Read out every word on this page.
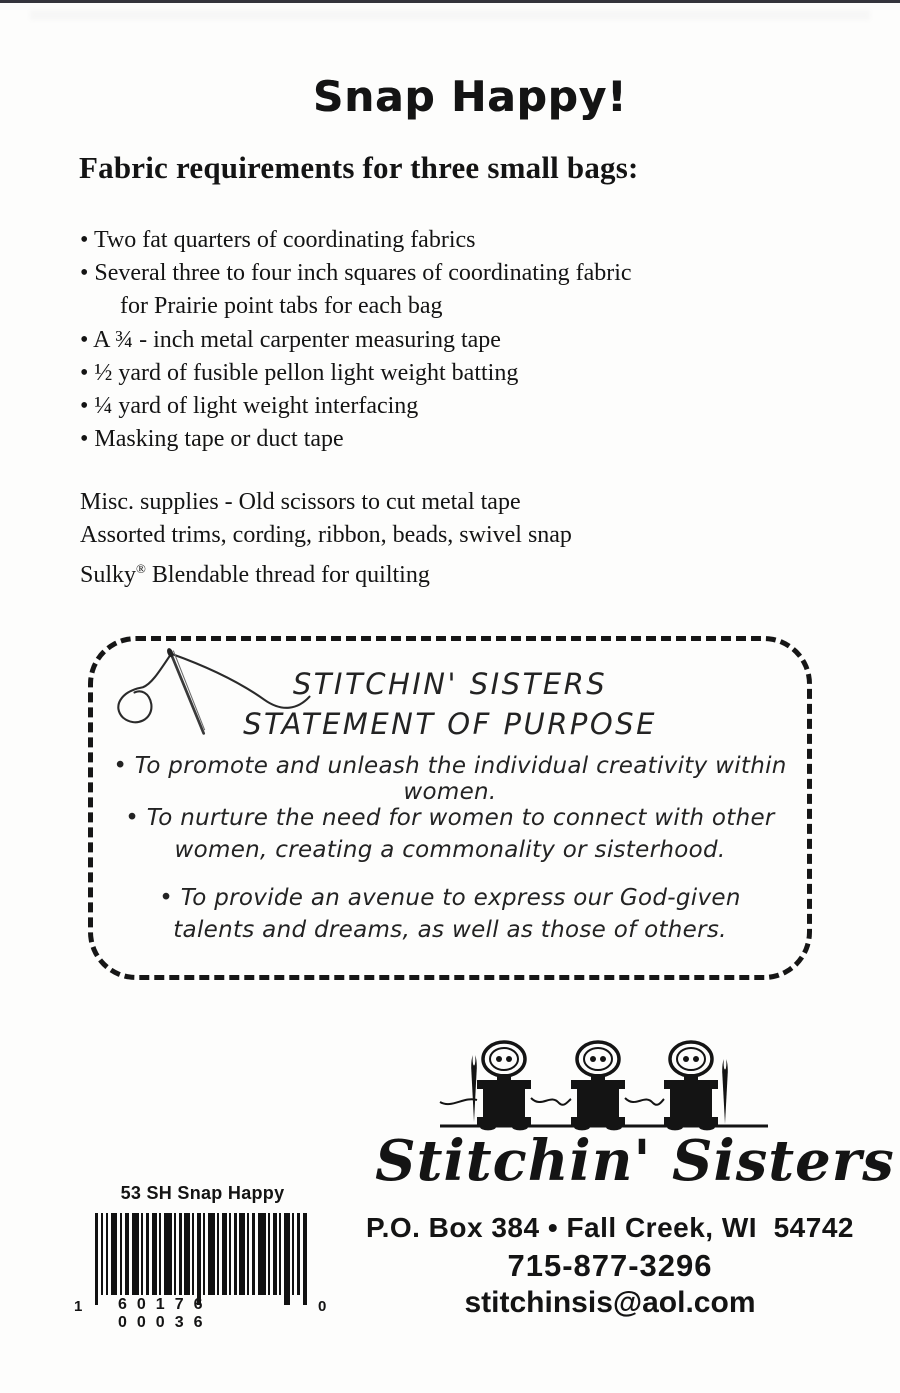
Snap Happy!
Fabric requirements for three small bags:
• Two fat quarters of coordinating fabrics
• Several three to four inch squares of coordinating fabric
for Prairie point tabs for each bag
• A ¾ - inch metal carpenter measuring tape
• ½ yard of fusible pellon light weight batting
• ¼ yard of light weight interfacing
• Masking tape or duct tape
Misc. supplies - Old scissors to cut metal tape
Assorted trims, cording, ribbon, beads, swivel snap
Sulky® Blendable thread for quilting
STITCHIN' SISTERS
STATEMENT OF PURPOSE
• To promote and unleash the individual creativity within women.
• To nurture the need for women to connect with other
women, creating a commonality or sisterhood.
• To provide an avenue to express our God-given
talents and dreams, as well as those of others.
Stitchin' Sisters
P.O. Box 384 • Fall Creek, WI  54742
715-877-3296
stitchinsis@aol.com
53 SH Snap Happy
1 60176 00036
0
